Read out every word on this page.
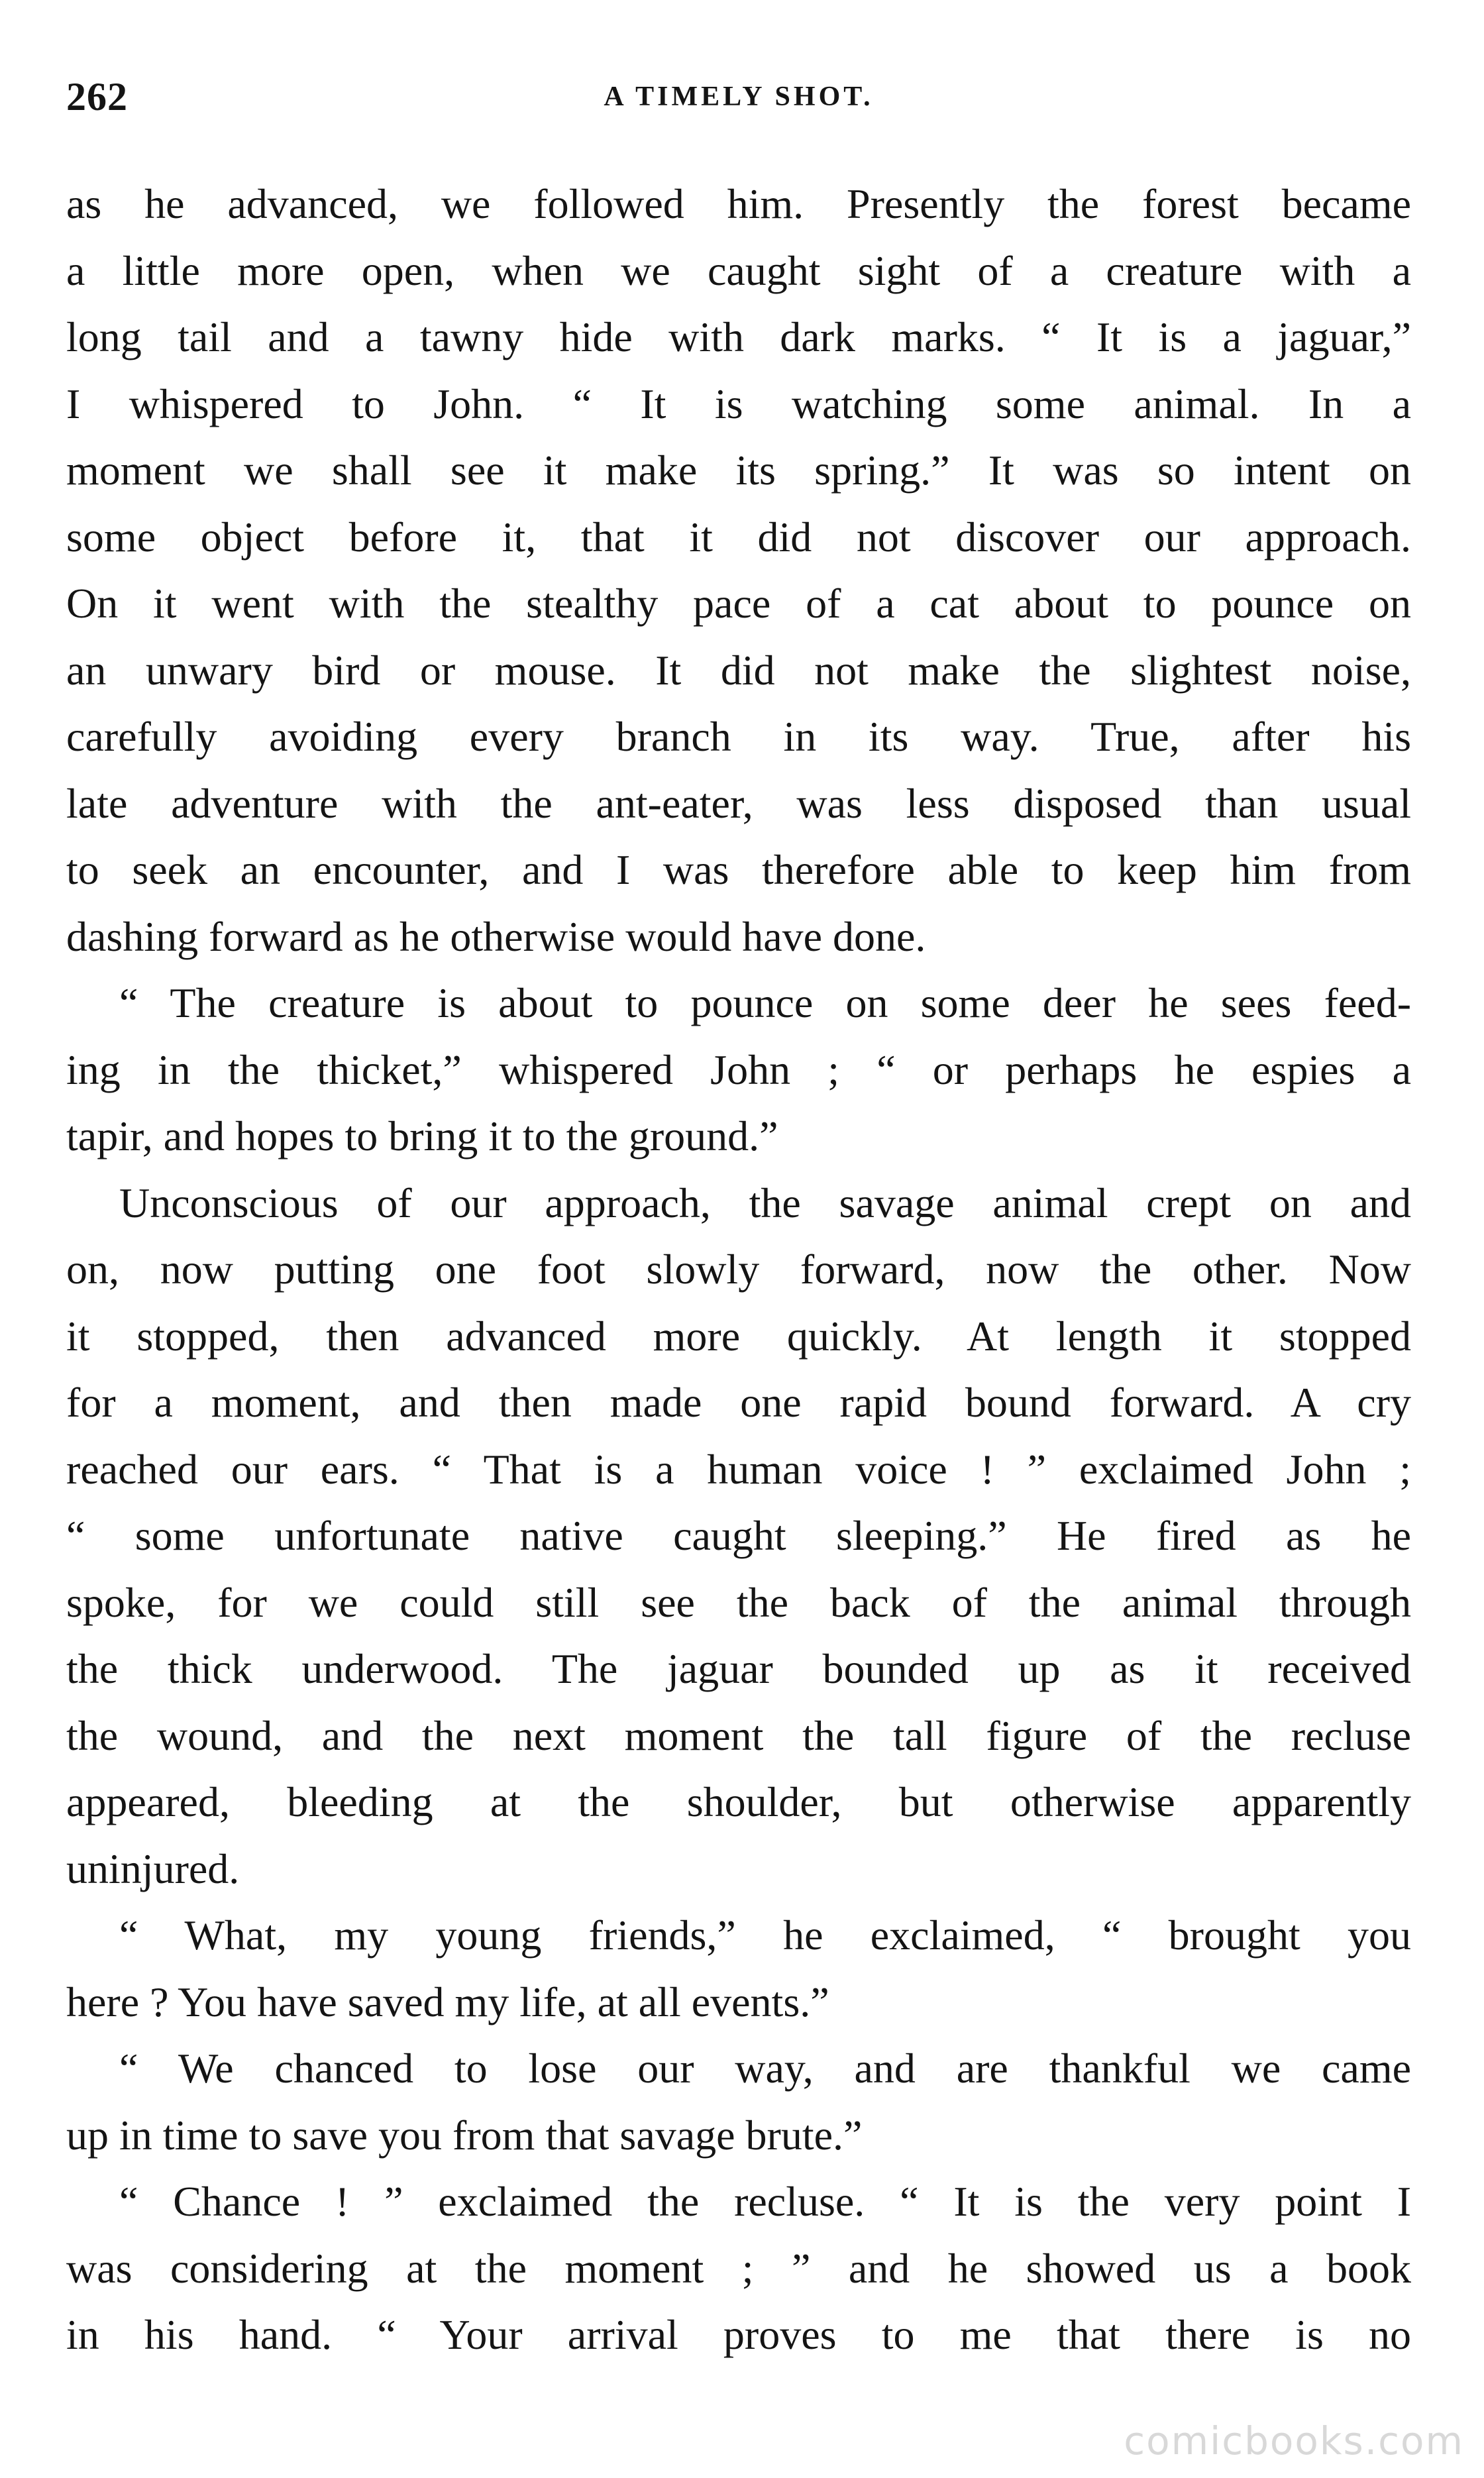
262	A TIMELY SHOT.
as he advanced, we followed him. Presently the forest became
a little more open, when we caught sight of a creature with a
long tail and a tawny hide with dark marks. “ It is a jaguar,”
I whispered to John. “ It is watching some animal. In a
moment we shall see it make its spring.” It was so intent on
some object before it, that it did not discover our approach.
On it went with the stealthy pace of a cat about to pounce on
an unwary bird or mouse. It did not make the slightest noise,
carefully avoiding every branch in its way. True, after his
late adventure with the ant-eater, was less disposed than usual
to seek an encounter, and I was therefore able to keep him from
dashing forward as he otherwise would have done.
“ The creature is about to pounce on some deer he sees feed-
ing in the thicket,” whispered John ; “ or perhaps he espies a
tapir, and hopes to bring it to the ground.”
Unconscious of our approach, the savage animal crept on and
on, now putting one foot slowly forward, now the other. Now
it stopped, then advanced more quickly. At length it stopped
for a moment, and then made one rapid bound forward. A cry
reached our ears. “ That is a human voice ! ” exclaimed John ;
“ some unfortunate native caught sleeping.” He fired as he
spoke, for we could still see the back of the animal through
the thick underwood. The jaguar bounded up as it received
the wound, and the next moment the tall figure of the recluse
appeared, bleeding at the shoulder, but otherwise apparently
uninjured.
“ What, my young friends,” he exclaimed, “ brought you
here ? You have saved my life, at all events.”
“ We chanced to lose our way, and are thankful we came
up in time to save you from that savage brute.”
“ Chance ! ” exclaimed the recluse. “ It is the very point I
was considering at the moment ; ” and he showed us a book
in his hand. “ Your arrival proves to me that there is no
comicbooks.com
